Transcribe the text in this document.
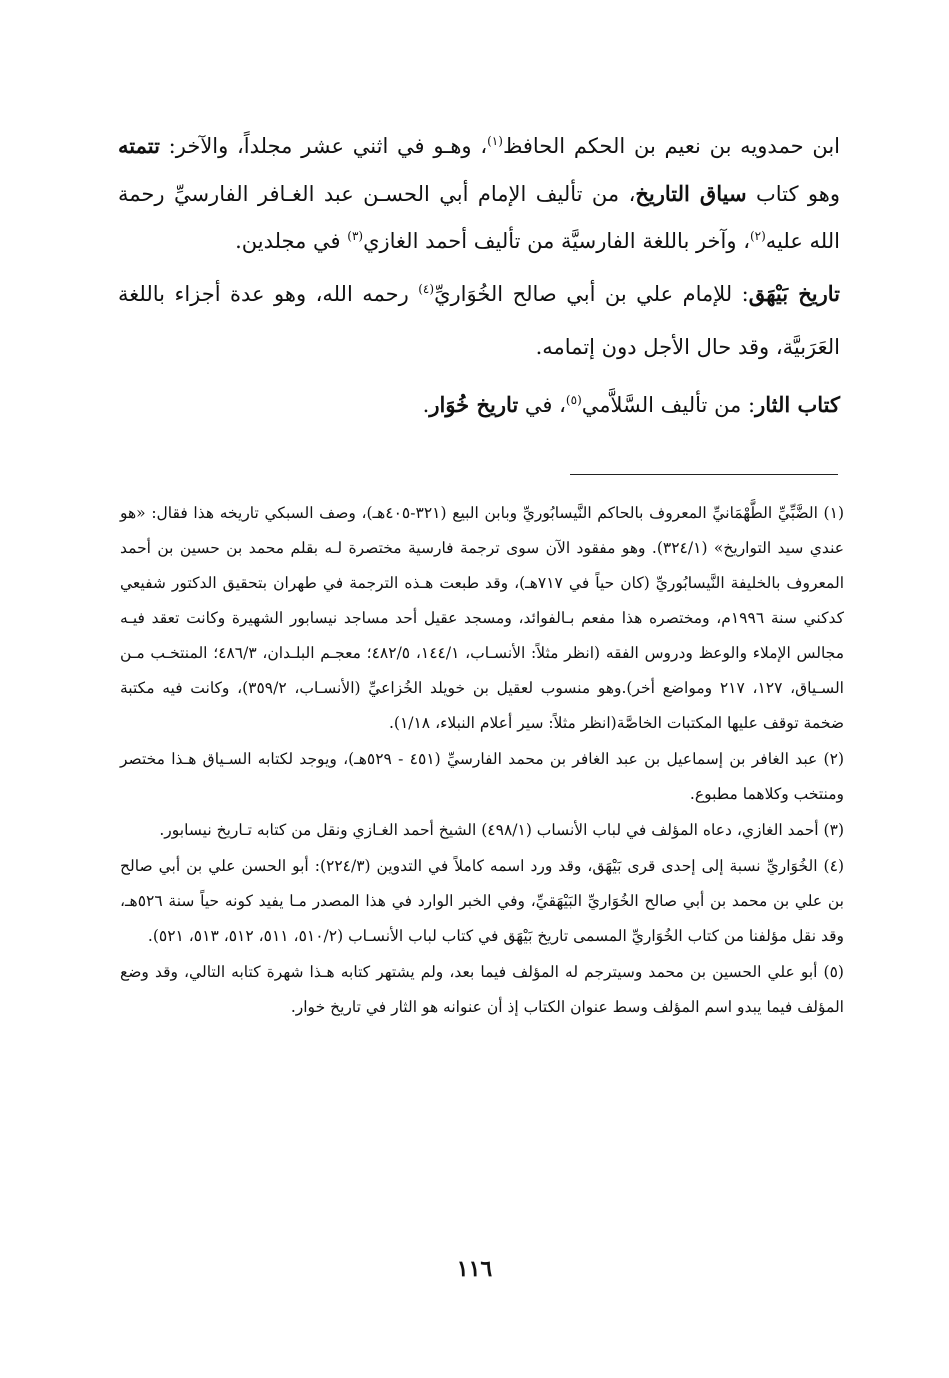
ابن حمدويه بن نعيم بن الحكم الحافظ$^{(١)}$، وهـو في اثني عشر مجلداً، والآخر: تتمته وهو كتاب سياق التاريخ، من تأليف الإمام أبي الحسـن عبد الغـافر الفارسيِّ رحمة الله عليه$^{(٢)}$، وآخر باللغة الفارسيَّة من تأليف أحمد الغازي$^{(٣)}$ في مجلدين.

تاريخ بَيْهَق: للإمام علي بن أبي صالح الخُوَاريِّ$^{(٤)}$ رحمه الله، وهو عدة أجزاء باللغة العَرَبيَّة، وقد حال الأجل دون إتمامه.

كتاب الثار: من تأليف السَّلاَّمي$^{(٥)}$، في تاريخ خُوَار.

(١) الضَّبِّيِّ الطَّهْمَانيِّ المعروف بالحاكم النَّيسابُوريِّ وبابن البيع (٣٢١-٤٠٥هـ)، وصف السبكي تاريخه هذا فقال: «هو عندي سيد التواريخ» (٣٢٤/١). وهو مفقود الآن سوى ترجمة فارسية مختصرة لـه بقلم محمد بن حسين بن أحمد المعروف بالخليفة النَّيسابُوريِّ (كان حياً في ٧١٧هـ)، وقد طبعت هـذه الترجمة في طهران بتحقيق الدكتور شفيعي كدكني سنة ١٩٩٦م، ومختصره هذا مفعم بـالفوائد، ومسجد عقيل أحد مساجد نيسابور الشهيرة وكانت تعقد فيـه مجالس الإملاء والوعظ ودروس الفقه (انظر مثلاً: الأنسـاب، ١٤٤/١، ٤٨٢/٥؛ معجـم البلـدان، ٤٨٦/٣؛ المنتخـب مـن السـياق، ١٢٧، ٢١٧ ومواضع أخر).وهو منسوب لعقيل بن خويلد الخُزاعيِّ (الأنسـاب، ٣٥٩/٢)، وكانت فيه مكتبة ضخمة توقف عليها المكتبات الخاصَّة(انظر مثلاً: سير أعلام النبلاء، ١/١٨).

(٢) عبد الغافر بن إسماعيل بن عبد الغافر بن محمد الفارسيِّ (٤٥١ - ٥٢٩هـ)، ويوجد لكتابه السـياق هـذا مختصر ومنتخب وكلاهما مطبوع.

(٣) أحمد الغازي، دعاه المؤلف في لباب الأنساب (٤٩٨/١) الشيخ أحمد الغـازي ونقل من كتابه تـاريخ نيسابور.

(٤) الخُوَاريِّ نسبة إلى إحدى قرى بَيْهَق، وقد ورد اسمه كاملاً في التدوين (٢٢٤/٣): أبو الحسن علي بن أبي صالح بن علي بن محمد بن أبي صالح الخُوَاريِّ البَيْهَقيِّ، وفي الخبر الوارد في هذا المصدر مـا يفيد كونه حياً سنة ٥٢٦هـ، وقد نقل مؤلفنا من كتاب الخُوَاريِّ المسمى تاريخ بَيْهَق في كتاب لباب الأنسـاب (٥١٠/٢، ٥١١، ٥١٢، ٥١٣، ٥٢١).

(٥) أبو علي الحسين بن محمد وسيترجم له المؤلف فيما بعد، ولم يشتهر كتابه هـذا شهرة كتابه التالي، وقد وضع المؤلف فيما يبدو اسم المؤلف وسط عنوان الكتاب إذ أن عنوانه هو الثار في تاريخ خوار.

١١٦
